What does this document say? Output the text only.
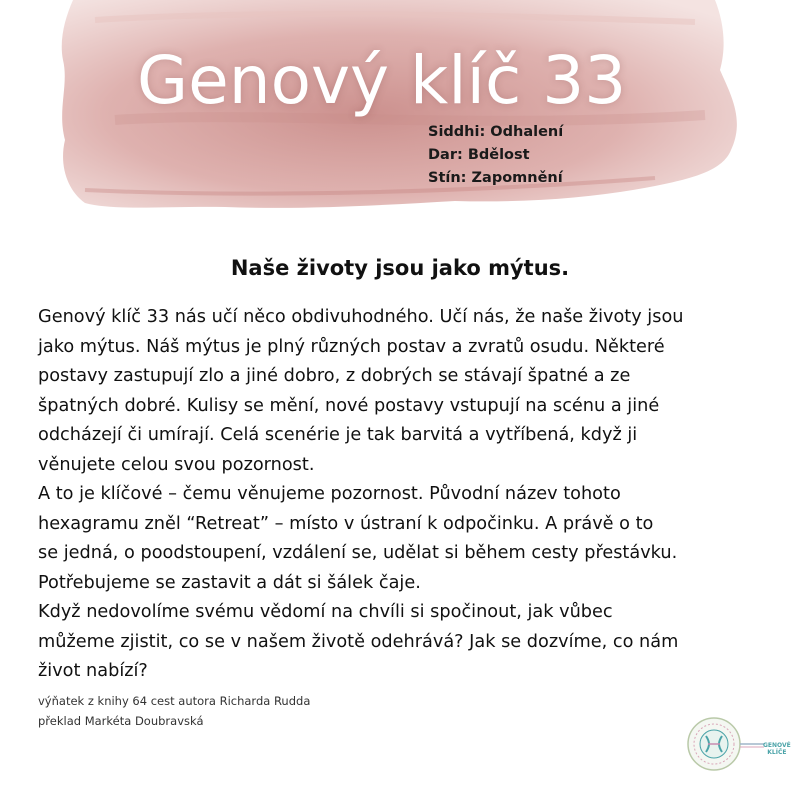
Genový klíč 33
Siddhi: Odhalení
Dar: Bdělost
Stín: Zapomnění
Naše životy jsou jako mýtus.

Genový klíč 33 nás učí něco obdivuhodného. Učí nás, že naše životy jsou
jako mýtus. Náš mýtus je plný různých postav a zvratů osudu. Některé
postavy zastupují zlo a jiné dobro, z dobrých se stávají špatné a ze
špatných dobré. Kulisy se mění, nové postavy vstupují na scénu a jiné
odcházejí či umírají. Celá scenérie je tak barvitá a vytříbená, když ji
věnujete celou svou pozornost.

A to je klíčové – čemu věnujeme pozornost. Původní název tohoto
hexagramu zněl “Retreat” – místo v ústraní k odpočinku. A právě o to
se jedná, o poodstoupení, vzdálení se, udělat si během cesty přestávku.
Potřebujeme se zastavit a dát si šálek čaje.

Když nedovolíme svému vědomí na chvíli si spočinout, jak vůbec
můžeme zjistit, co se v našem životě odehrává? Jak se dozvíme, co nám
život nabízí?

výňatek z knihy 64 cest autora Richarda Rudda
překlad Markéta Doubravská
GENOVÉ
KLÍČE
